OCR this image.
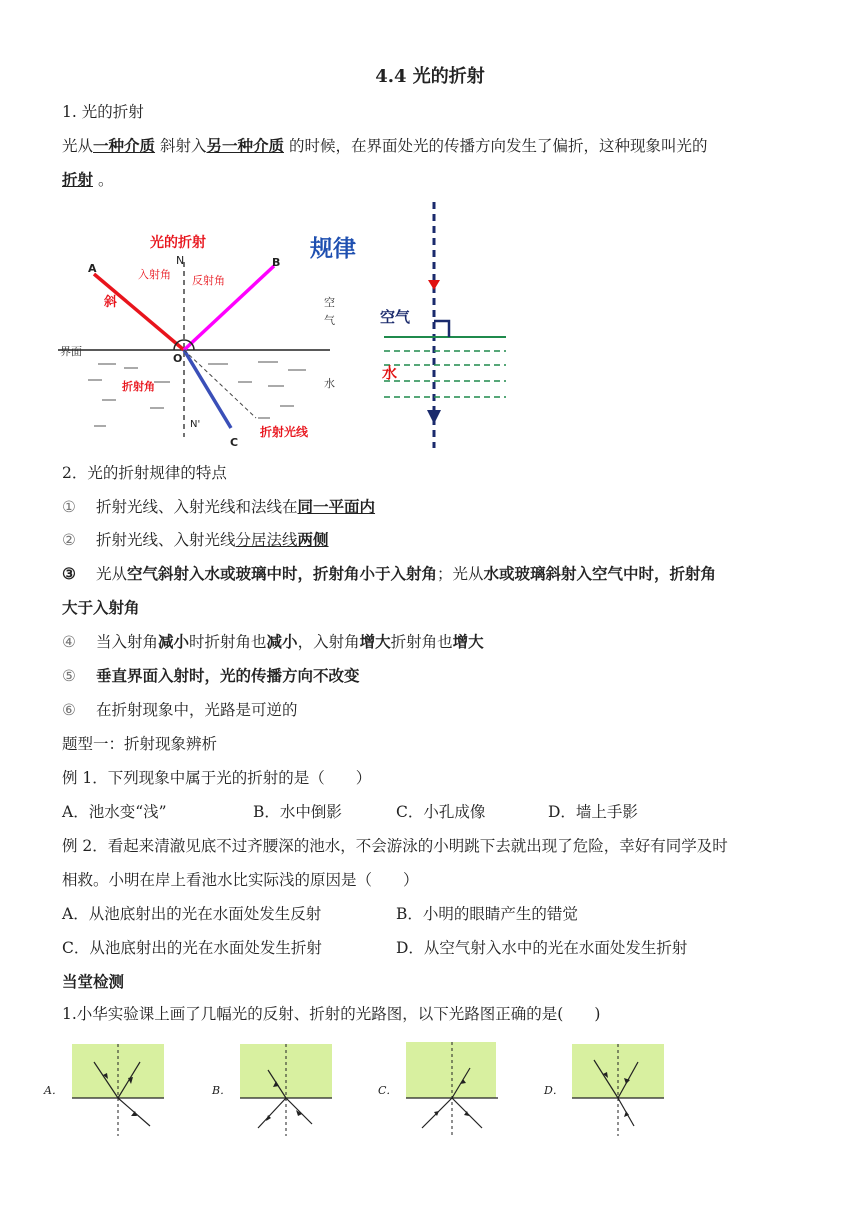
4.4 光的折射
1. 光的折射
光从一种介质 斜射入另一种介质 的时候，在界面处光的传播方向发生了偏折，这种现象叫光的
折射 。
光的折射
界面
N
N'
A
斜
B
C
O
入射角 反射角
折射角
折射光线
空
气
水
规律
空气
水
2．光的折射规律的特点
① 折射光线、入射光线和法线在同一平面内
② 折射光线、入射光线分居法线两侧
③ 光从空气斜射入水或玻璃中时，折射角小于入射角；光从水或玻璃斜射入空气中时，折射角
大于入射角
④ 当入射角减小时折射角也减小，入射角增大折射角也增大
⑤ 垂直界面入射时，光的传播方向不改变
⑥ 在折射现象中，光路是可逆的
题型一：折射现象辨析
例 1．下列现象中属于光的折射的是（　　）
A．池水变“浅”	B．水中倒影	C．小孔成像	D．墙上手影
例 2．看起来清澈见底不过齐腰深的池水，不会游泳的小明跳下去就出现了危险，幸好有同学及时
相救。小明在岸上看池水比实际浅的原因是（　　）
A．从池底射出的光在水面处发生反射	B．小明的眼睛产生的错觉
C．从池底射出的光在水面处发生折射	D．从空气射入水中的光在水面处发生折射
当堂检测
1.小华实验课上画了几幅光的反射、折射的光路图，以下光路图正确的是(　　)
A．	B．	C．	D．
